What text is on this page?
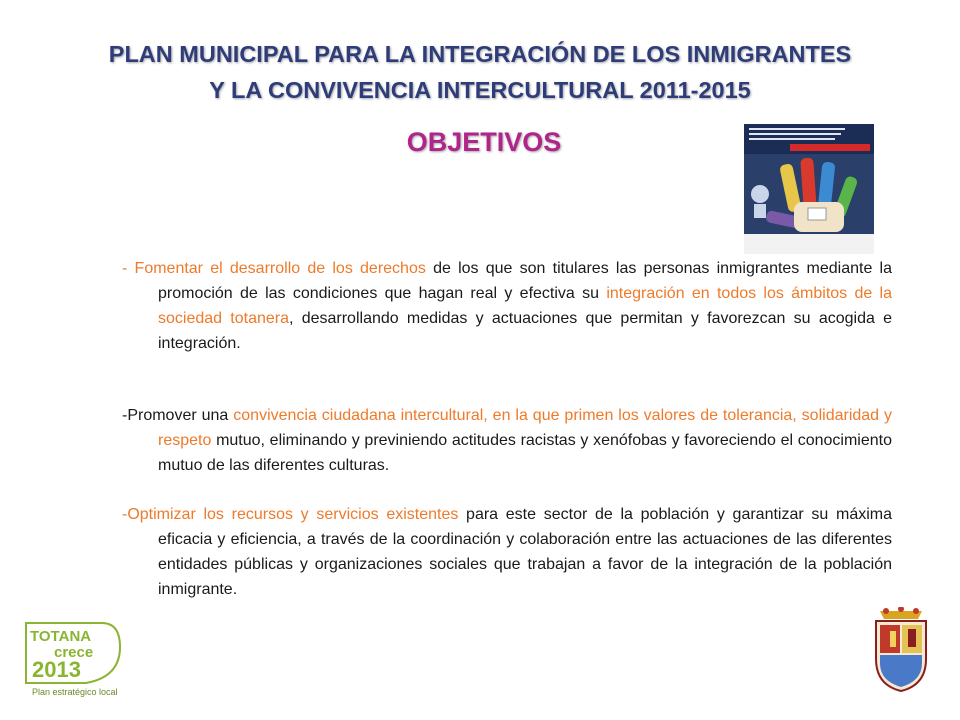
PLAN MUNICIPAL PARA LA INTEGRACIÓN DE LOS INMIGRANTES
Y LA CONVIVENCIA INTERCULTURAL 2011-2015
OBJETIVOS
- Fomentar el desarrollo de los derechos de los que son titulares las personas inmigrantes mediante la promoción de las condiciones que hagan real y efectiva su integración en todos los ámbitos de la sociedad totanera, desarrollando medidas y actuaciones que permitan y favorezcan su acogida e integración.
-Promover una convivencia ciudadana intercultural, en la que primen los valores de tolerancia, solidaridad y respeto mutuo, eliminando y previniendo actitudes racistas y xenófobas y favoreciendo el conocimiento mutuo de las diferentes culturas.
-Optimizar los recursos y servicios existentes para este sector de la población y garantizar su máxima eficacia y eficiencia, a través de la coordinación y colaboración entre las actuaciones de las diferentes entidades públicas y organizaciones sociales que trabajan a favor de la integración de la población inmigrante.
TOTANA
crece
2013
Plan estratégico local
